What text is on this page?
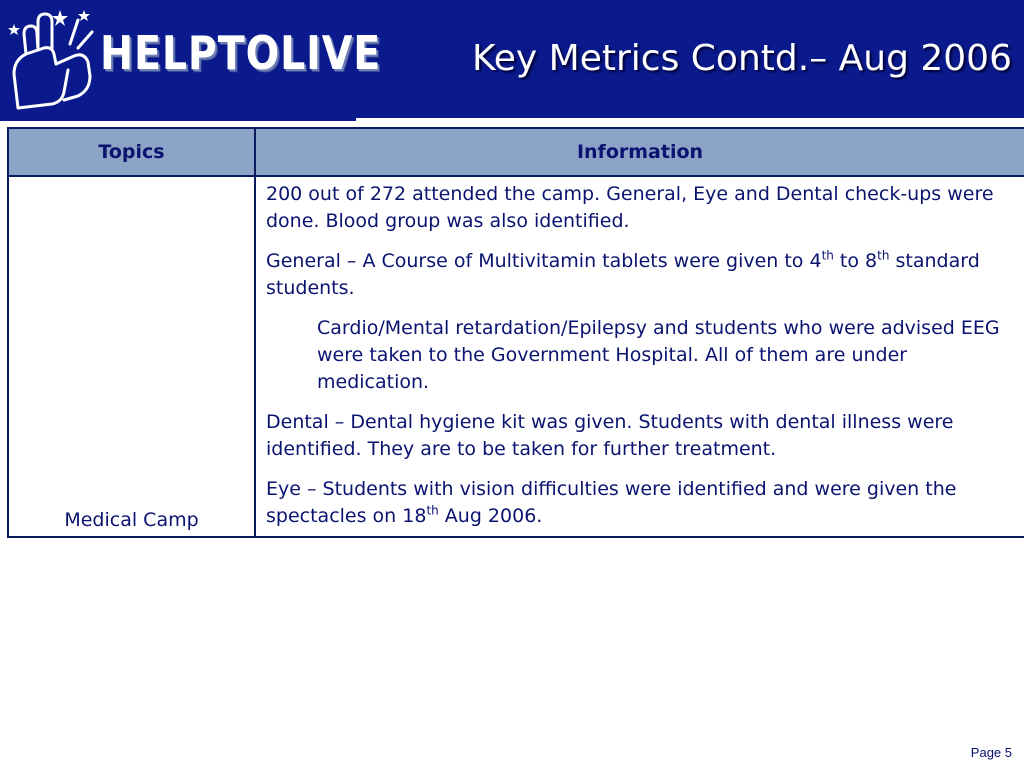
HELPTOLIVE	Key Metrics Contd.– Aug 2006
Topics	Information
Medical Camp	200 out of 272 attended the camp. General, Eye and Dental check-ups were done. Blood group was also identified.

General – A Course of Multivitamin tablets were given to 4th to 8th standard students.

Cardio/Mental retardation/Epilepsy and students who were advised EEG were taken to the Government Hospital. All of them are under medication.

Dental – Dental hygiene kit was given. Students with dental illness were identified. They are to be taken for further treatment.

Eye – Students with vision difficulties were identified and were given the spectacles on 18th Aug 2006.

Page 5
